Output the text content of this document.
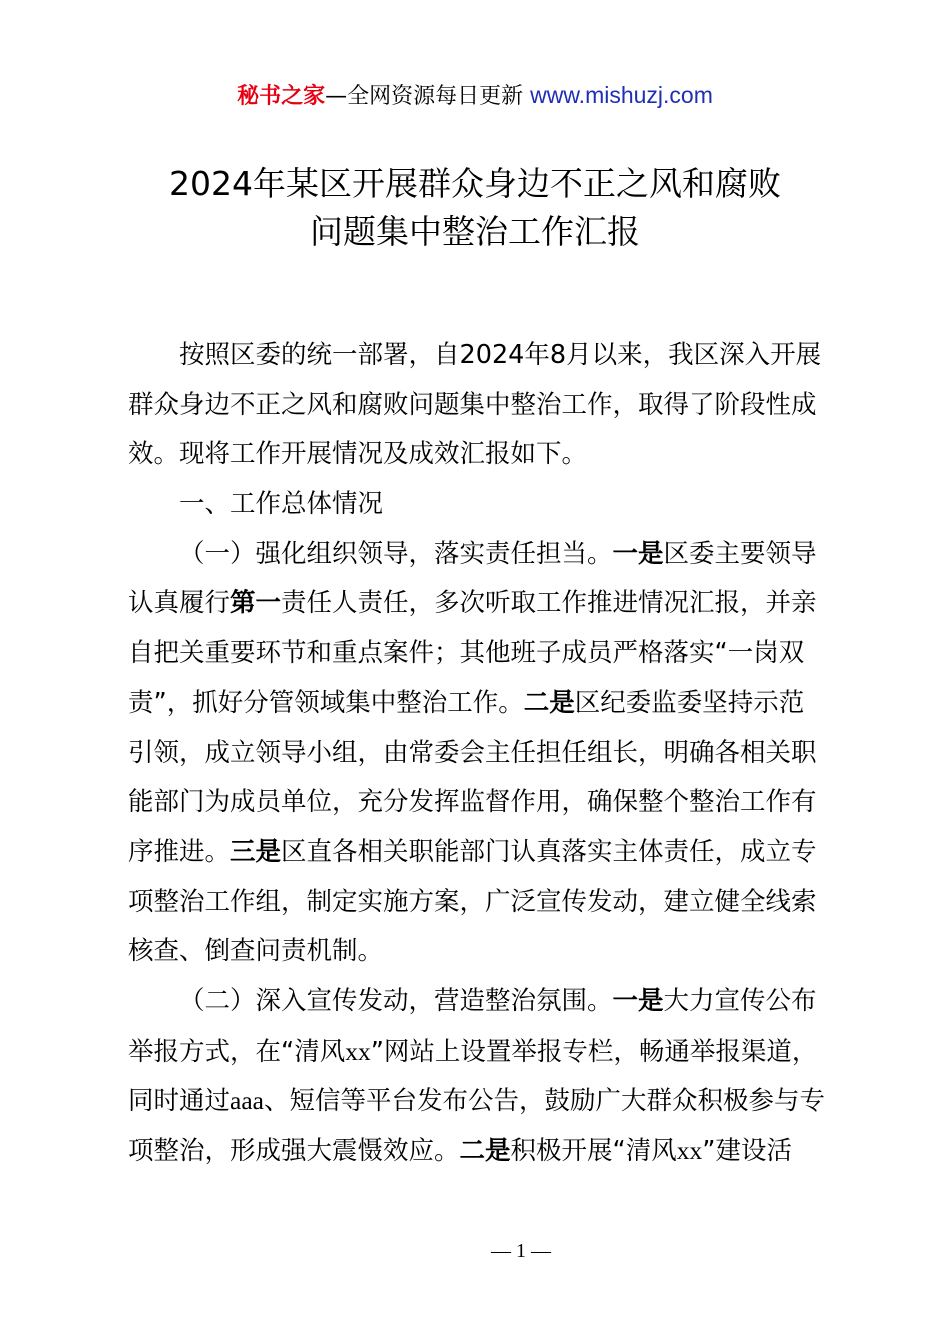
秘书之家—全网资源每日更新 www.mishuzj.com
2024年某区开展群众身边不正之风和腐败
问题集中整治工作汇报
按照区委的统一部署，自2024年8月以来，我区深入开展
群众身边不正之风和腐败问题集中整治工作，取得了阶段性成
效。现将工作开展情况及成效汇报如下。
一、工作总体情况
（一）强化组织领导，落实责任担当。一是区委主要领导
认真履行第一责任人责任，多次听取工作推进情况汇报，并亲
自把关重要环节和重点案件；其他班子成员严格落实“一岗双
责”，抓好分管领域集中整治工作。二是区纪委监委坚持示范
引领，成立领导小组，由常委会主任担任组长，明确各相关职
能部门为成员单位，充分发挥监督作用，确保整个整治工作有
序推进。三是区直各相关职能部门认真落实主体责任，成立专
项整治工作组，制定实施方案，广泛宣传发动，建立健全线索
核查、倒查问责机制。
（二）深入宣传发动，营造整治氛围。一是大力宣传公布
举报方式，在“清风xx”网站上设置举报专栏，畅通举报渠道，
同时通过aaa、短信等平台发布公告，鼓励广大群众积极参与专
项整治，形成强大震慑效应。二是积极开展“清风xx”建设活
— 1 —
